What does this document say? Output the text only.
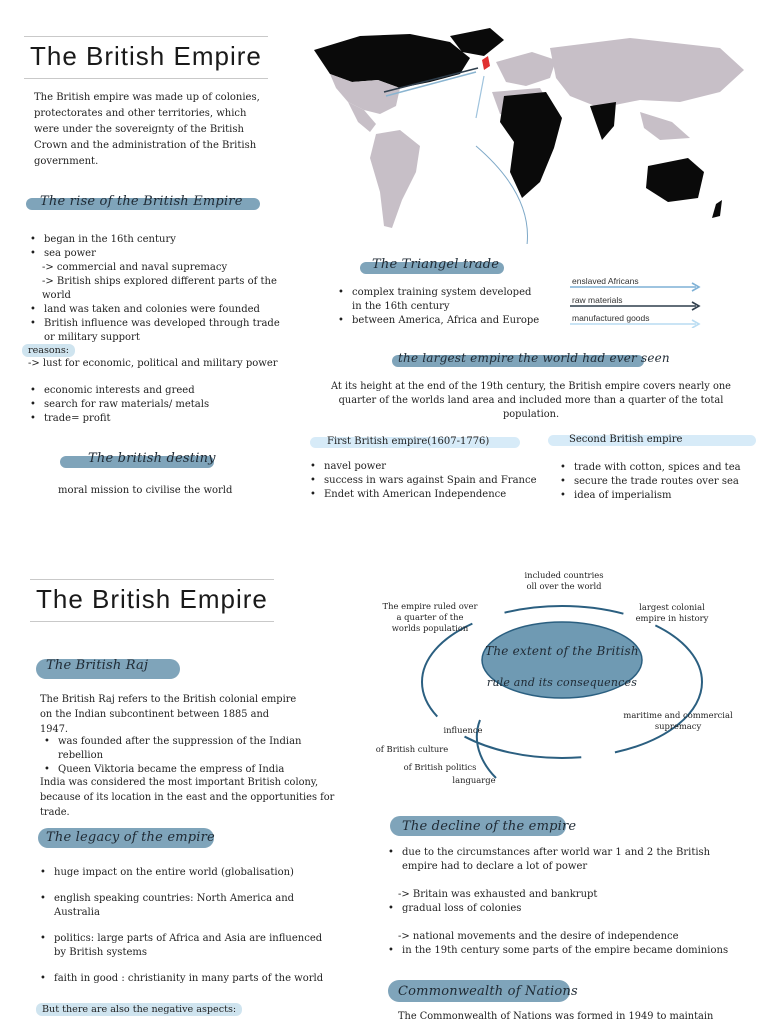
The British Empire
The British empire was made up of colonies, protectorates and other territories, which were under the sovereignty of the British Crown and the administration of the British government.
The rise of the British Empire
• began in the 16th century
• sea power
-> commercial and naval supremacy
-> British ships explored different parts of the world
• land was taken and colonies were founded
• British influence was developed through trade or military support
reasons:
-> lust for economic, political and military power
• economic interests and greed
• search for raw materials/ metals
• trade= profit
The british destiny
moral mission to civilise the world
The Triangel trade
• complex training system developed in the 16th century
• between America, Africa and Europe
enslaved Africans
raw materials
manufactured goods
the largest empire the world had ever seen
At its height at the end of the 19th century, the British empire covers nearly one quarter of the worlds land area and included more than a quarter of the total population.
First British empire(1607-1776)
• navel power
• success in wars against Spain and France
• Endet with American Independence
Second British empire
• trade with cotton, spices and tea
• secure the trade routes over sea
• idea of imperialism
The British Empire
The British Raj
The British Raj refers to the British colonial empire on the Indian subcontinent between 1885 and 1947.
• was founded after the suppression of the Indian rebellion
• Queen Viktoria became the empress of India
India was considered the most important British colony, because of its location in the east and the opportunities for trade.
The legacy of the empire
• huge impact on the entire world (globalisation)
• english speaking countries: North America and Australia
• politics: large parts of Africa and Asia are influenced by British systems
• faith in good : christianity in many parts of the world
But there are also the negative aspects:
The extent of the British
rule and its consequences
included countries oll over the world
The empire ruled over a quarter of the worlds population
largest colonial empire in history
maritime and commercial supremacy
influence
of British culture
of British politics
languarge
The decline of the empire
• due to the circumstances after world war 1 and 2 the British empire had to declare a lot of power
-> Britain was exhausted and bankrupt
• gradual loss of colonies
-> national movements and the desire of independence
• in the 19th century some parts of the empire became dominions
Commonwealth of Nations
The Commonwealth of Nations was formed in 1949 to maintain
